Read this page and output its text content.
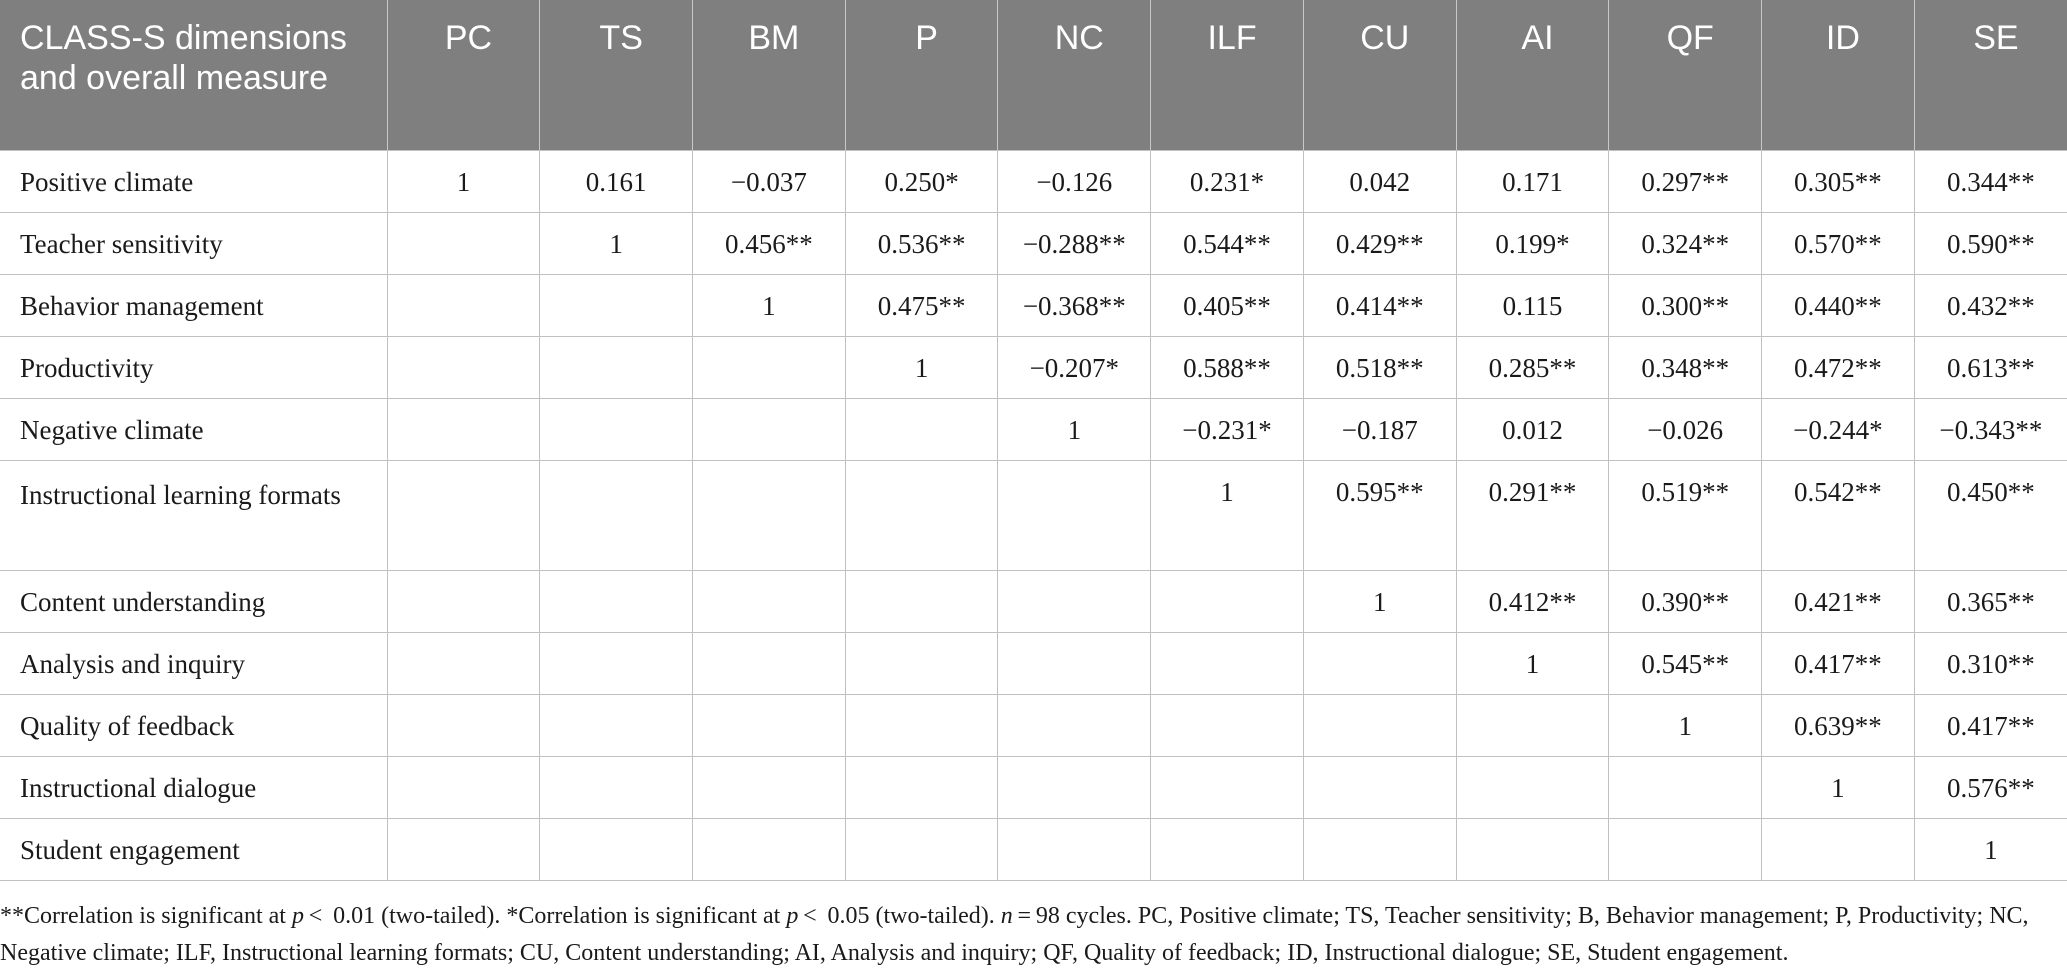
CLASS-S dimensions and overall measure	PC	TS	BM	P	NC	ILF	CU	AI	QF	ID	SE
Positive climate	1	0.161	−0.037	0.250*	−0.126	0.231*	0.042	0.171	0.297**	0.305**	0.344**
Teacher sensitivity		1	0.456**	0.536**	−0.288**	0.544**	0.429**	0.199*	0.324**	0.570**	0.590**
Behavior management			1	0.475**	−0.368**	0.405**	0.414**	0.115	0.300**	0.440**	0.432**
Productivity				1	−0.207*	0.588**	0.518**	0.285**	0.348**	0.472**	0.613**
Negative climate					1	−0.231*	−0.187	0.012	−0.026	−0.244*	−0.343**
Instructional learning formats						1	0.595**	0.291**	0.519**	0.542**	0.450**
Content understanding							1	0.412**	0.390**	0.421**	0.365**
Analysis and inquiry								1	0.545**	0.417**	0.310**
Quality of feedback									1	0.639**	0.417**
Instructional dialogue										1	0.576**
Student engagement											1
**Correlation is significant at p <  0.01 (two-tailed). *Correlation is significant at p <  0.05 (two-tailed). n = 98 cycles. PC, Positive climate; TS, Teacher sensitivity; B, Behavior management; P, Productivity; NC, Negative climate; ILF, Instructional learning formats; CU, Content understanding; AI, Analysis and inquiry; QF, Quality of feedback; ID, Instructional dialogue; SE, Student engagement.
